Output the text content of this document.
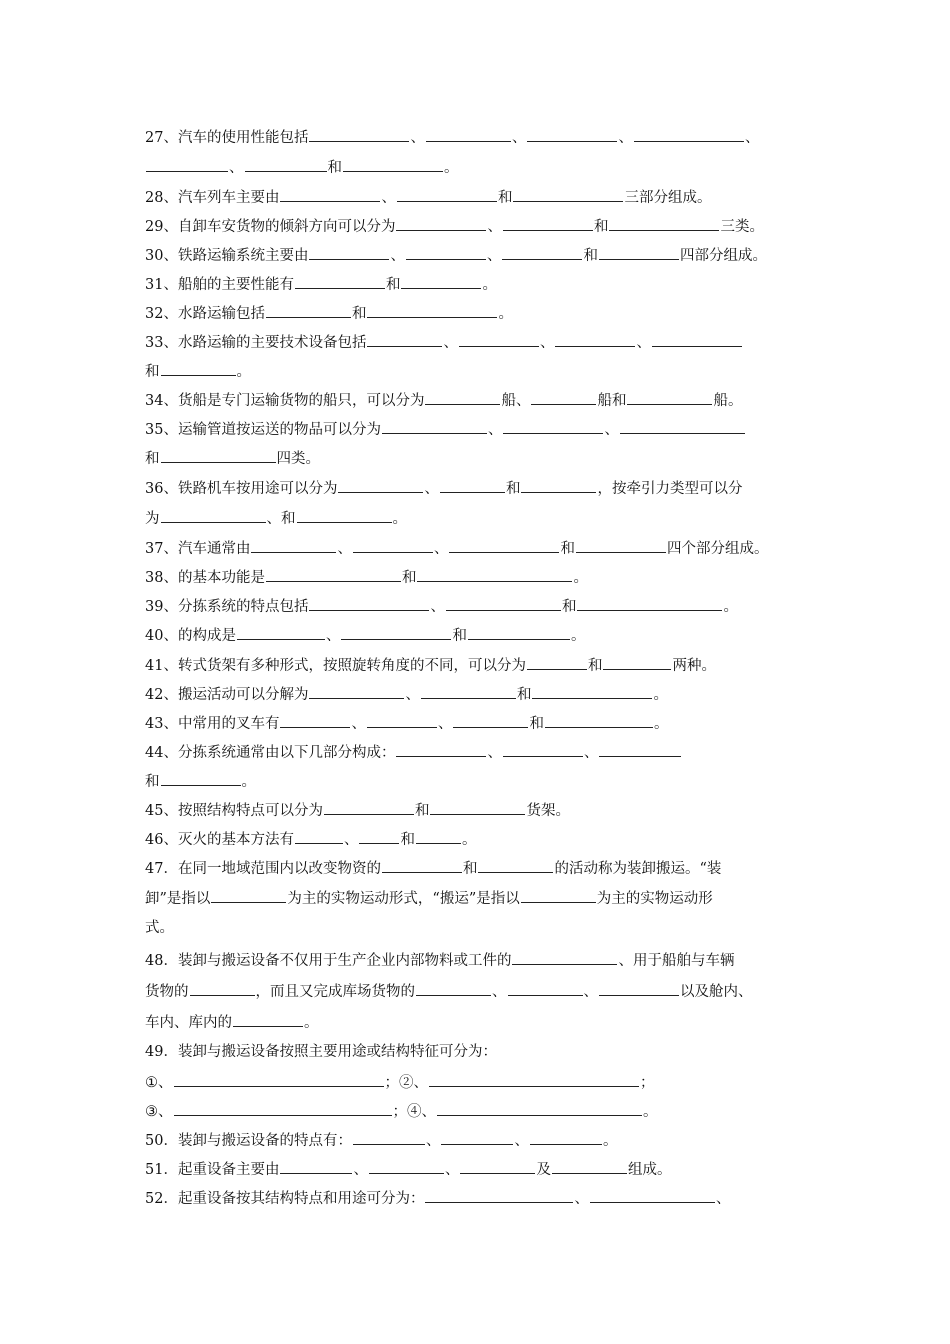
27、汽车的使用性能包括	、	、	、	、
、	和	。
28、汽车列车主要由	、	和	三部分组成。
29、自卸车安货物的倾斜方向可以分为	、	和	三类。
30、铁路运输系统主要由	、	、	和	四部分组成。
31、船舶的主要性能有	和	。
32、水路运输包括	和	。
33、水路运输的主要技术设备包括	、	、	、
和	。
34、货船是专门运输货物的船只，可以分为	船、	船和	船。
35、运输管道按运送的物品可以分为	、	、
和	四类。
36、铁路机车按用途可以分为	、	和	，按牵引力类型可以分
为	、和	。
37、汽车通常由	、	、	和	四个部分组成。
38、的基本功能是	和	。
39、分拣系统的特点包括	、	和	。
40、的构成是	、	和	。
41、转式货架有多种形式，按照旋转角度的不同，可以分为	和	两种。
42、搬运活动可以分解为	、	和	。
43、中常用的叉车有	、	、	和	。
44、分拣系统通常由以下几部分构成：	、	、
和	。
45、按照结构特点可以分为	和	货架。
46、灭火的基本方法有	、	和	。
47．在同一地域范围内以改变物资的	和	的活动称为装卸搬运。“装
卸”是指以	为主的实物运动形式，“搬运”是指以	为主的实物运动形
式。
48．装卸与搬运设备不仅用于生产企业内部物料或工件的	、用于船舶与车辆
货物的	，而且又完成库场货物的	、	、	以及舱内、
车内、库内的	。
49．装卸与搬运设备按照主要用途或结构特征可分为：
①、	；②、	；
③、	；④、	。
50．装卸与搬运设备的特点有：	、	、	。
51．起重设备主要由	、	、	及	组成。
52．起重设备按其结构特点和用途可分为：	、	、
